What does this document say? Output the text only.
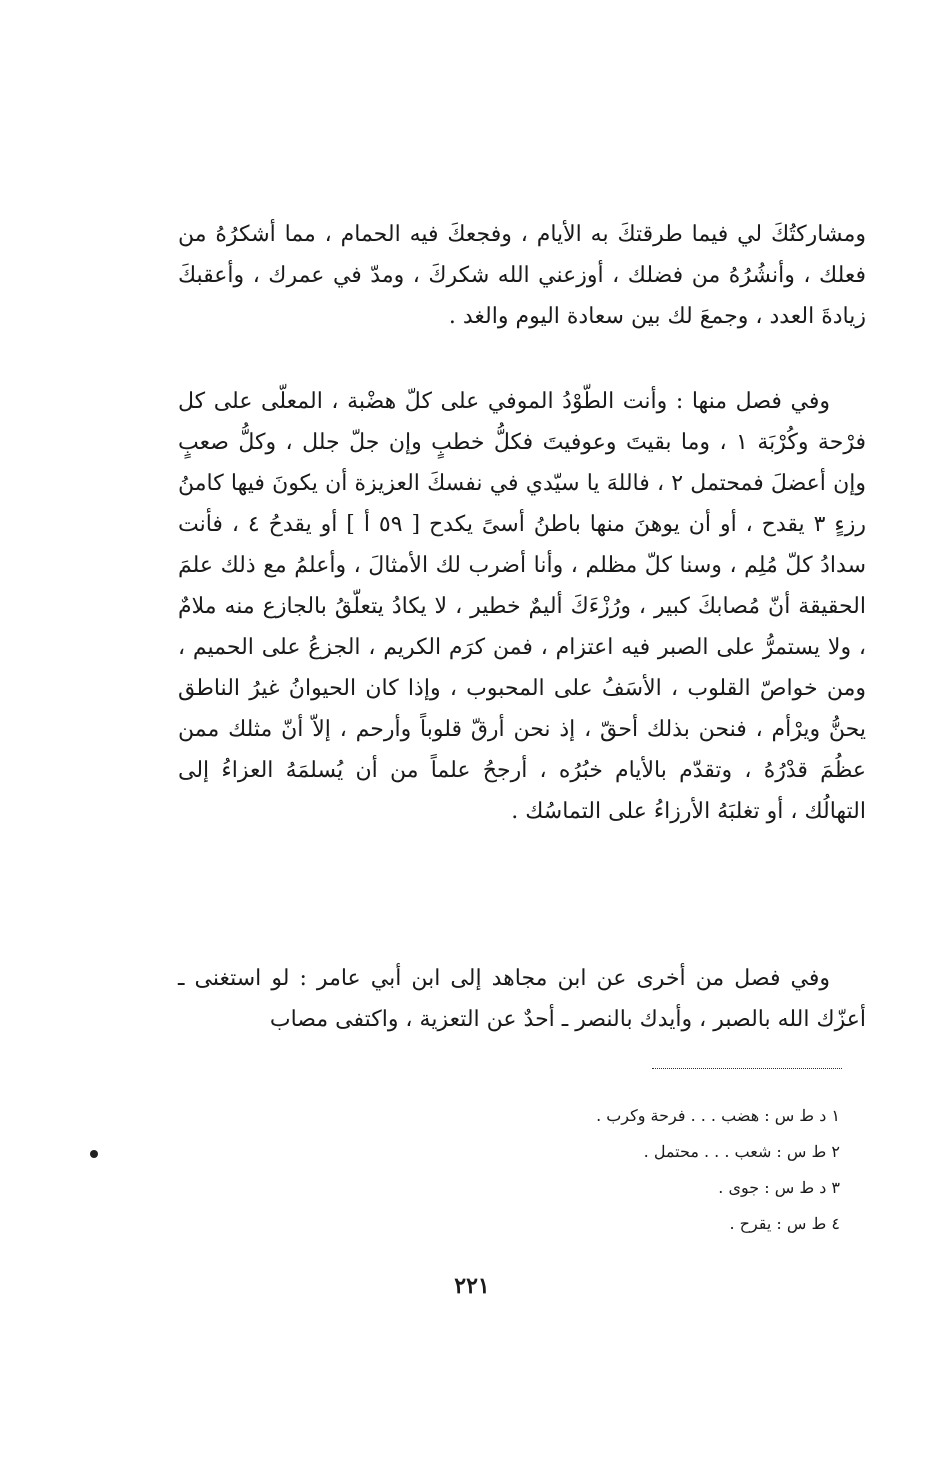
ومشاركتُكَ لي فيما طرقتكَ به الأيام ، وفجعكَ فيه الحمام ، مما أشكرُهُ من فعلك ، وأنشُرُهُ من فضلك ، أوزعني الله شكركَ ، ومدّ في عمرك ، وأعقبكَ زيادةَ العدد ، وجمعَ لك بين سعادة اليوم والغد .

وفي فصل منها : وأنت الطّوْدُ الموفي على كلّ هضْبة ، المعلّى على كل فرْحة وكُرْبَة ١ ، وما بقيتَ وعوفيتَ فكلُّ خطبٍ وإن جلّ جلل ، وكلُّ صعبٍ وإن أعضلَ فمحتمل ٢ ، فاللهَ يا سيّدي في نفسكَ العزيزة أن يكونَ فيها كامنُ رزءٍ ٣ يقدح ، أو أن يوهنَ منها باطنُ أسىً يكدح [ ٥٩ أ ] أو يقدحُ ٤ ، فأنت سدادُ كلّ مُلِم ، وسنا كلّ مظلم ، وأنا أضرب لك الأمثالَ ، وأعلمُ مع ذلك علمَ الحقيقة أنّ مُصابكَ كبير ، ورُزْءَكَ أليمٌ خطير ، لا يكادُ يتعلّقُ بالجازع منه ملامٌ ، ولا يستمرُّ على الصبر فيه اعتزام ، فمن كرَم الكريم ، الجزعُ على الحميم ، ومن خواصّ القلوب ، الأسَفُ على المحبوب ، وإذا كان الحيوانُ غيرُ الناطق يحنُّ ويرْأم ، فنحن بذلك أحقّ ، إذ نحن أرقّ قلوباً وأرحم ، إلاّ أنّ مثلك ممن عظُمَ قدْرُهُ ، وتقدّم بالأيام خبُرُه ، أرجحُ علماً من أن يُسلمَهُ العزاءُ إلى التهالُك ، أو تغلبَهُ الأرزاءُ على التماسُك .

وفي فصل من أخرى عن ابن مجاهد إلى ابن أبي عامر : لو استغنى ـ أعزّك الله بالصبر ، وأيدك بالنصر ـ أحدٌ عن التعزية ، واكتفى مصاب

١ د ط س : هضب . . . فرحة وكرب .
٢ ط س : شعب . . . محتمل .
٣ د ط س : جوى .
٤ ط س : يقرح .
٢٢١
